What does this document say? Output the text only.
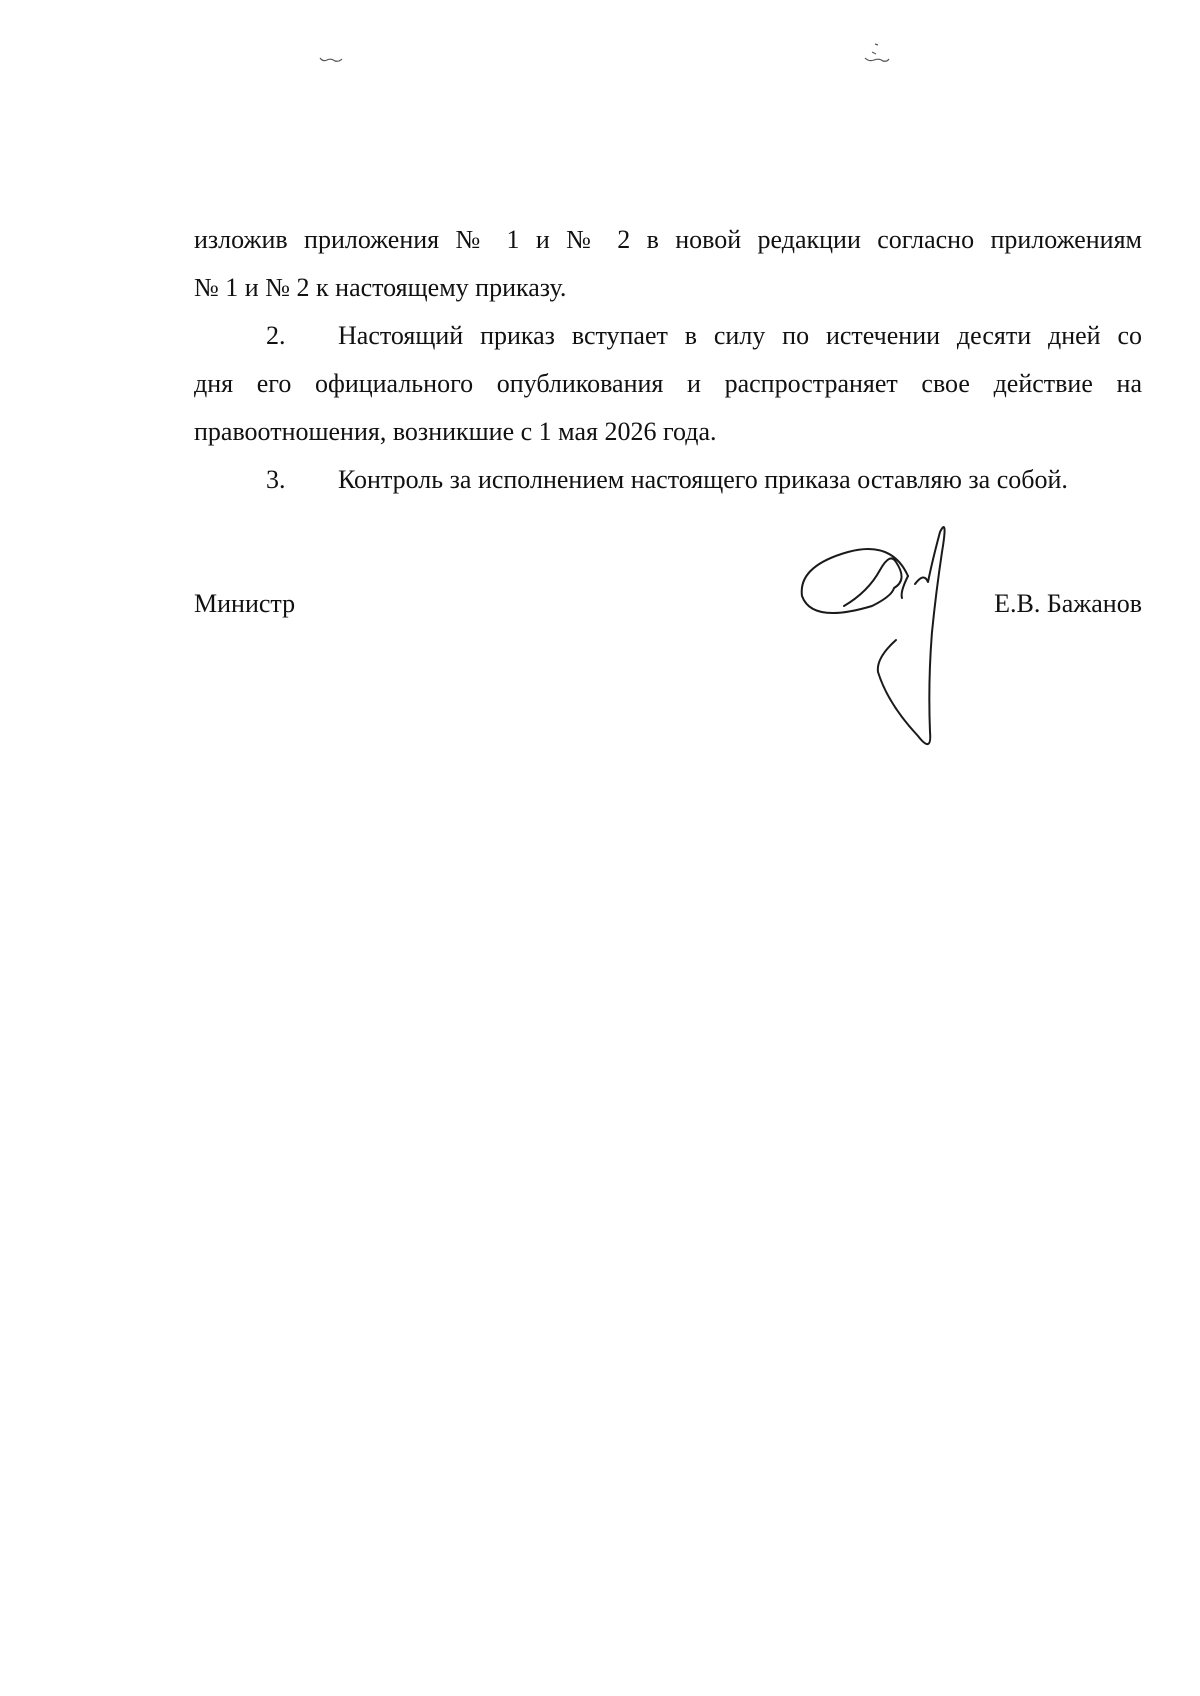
изложив приложения № 1 и № 2 в новой редакции согласно приложениям
№ 1 и № 2 к настоящему приказу.
2. Настоящий приказ вступает в силу по истечении десяти дней со
дня его официального опубликования и распространяет свое действие на
правоотношения, возникшие с 1 мая 2026 года.
3. Контроль за исполнением настоящего приказа оставляю за собой.
Министр	Е.В. Бажанов
